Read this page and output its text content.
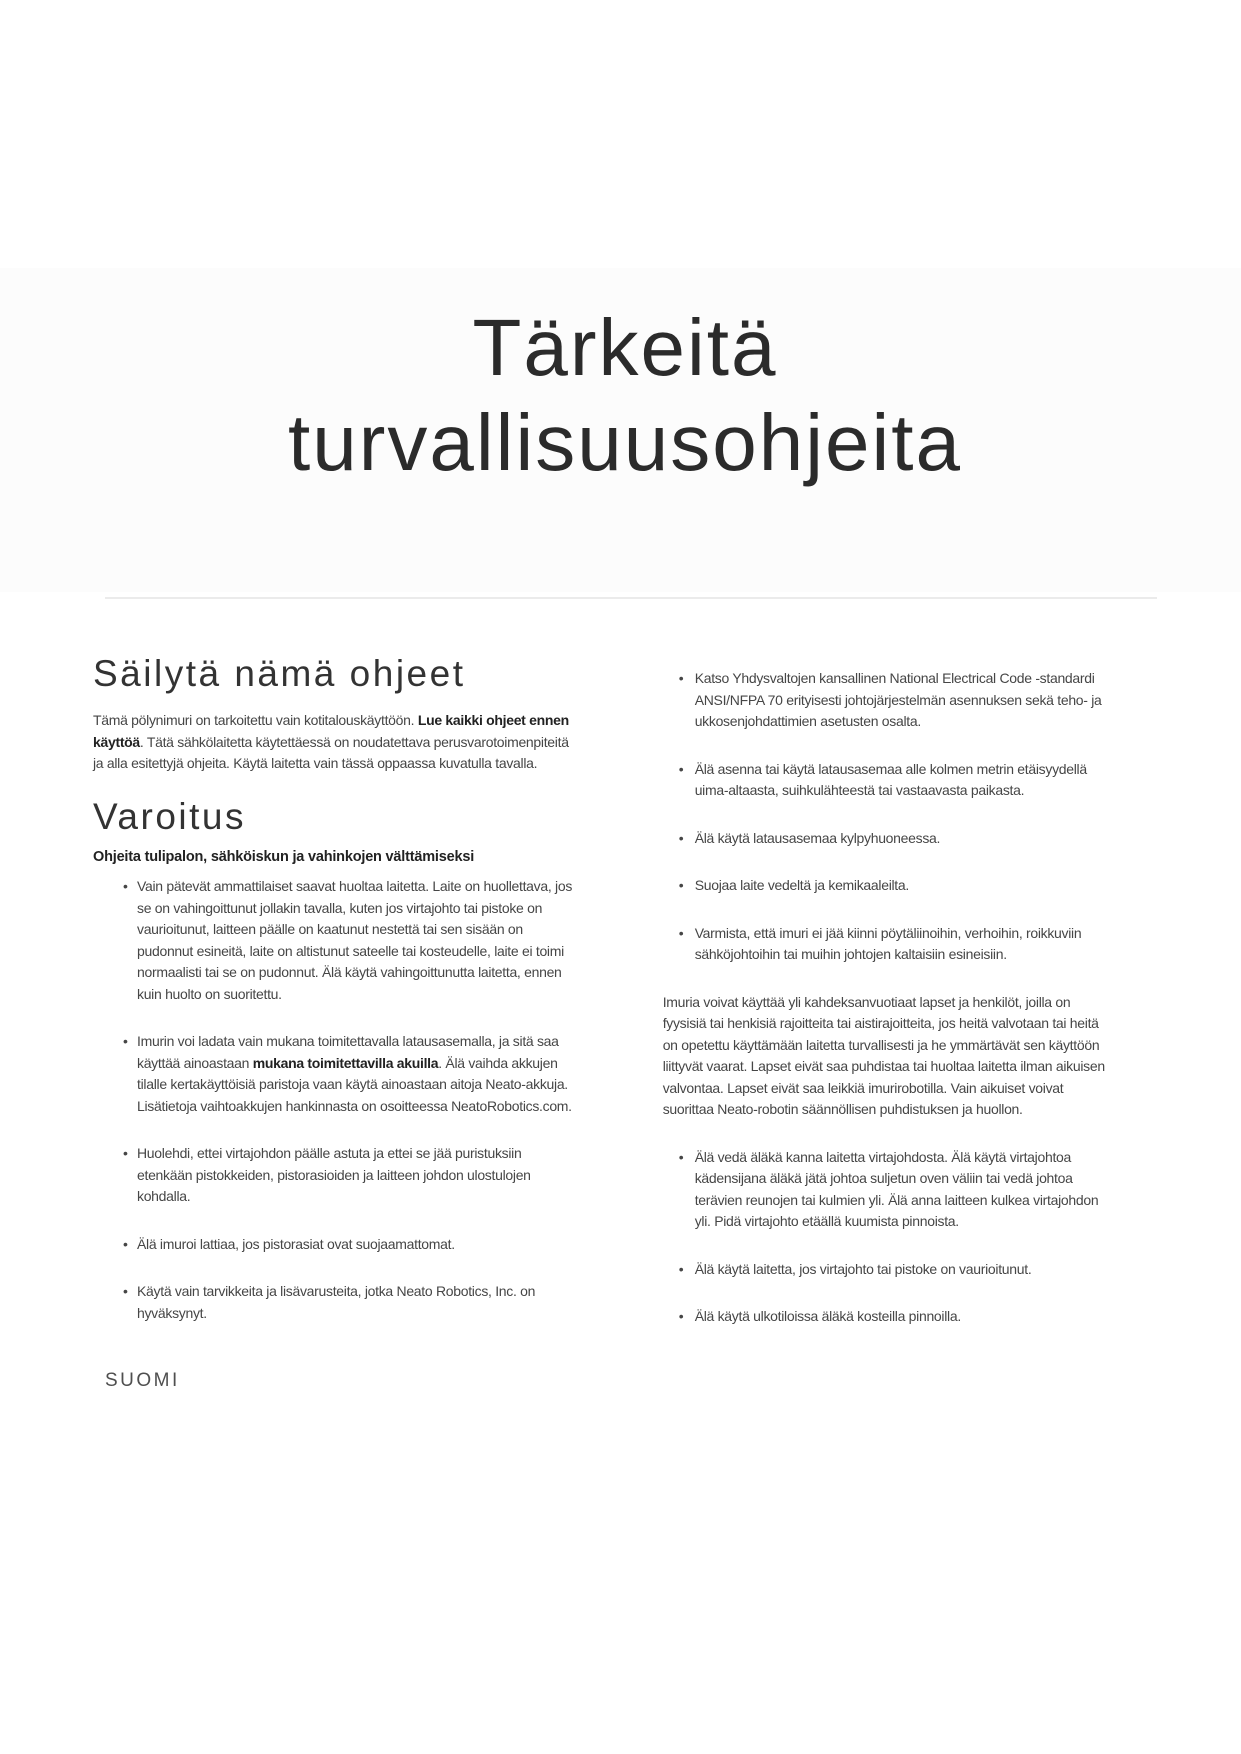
Tärkeitä
turvallisuusohjeita
Säilytä nämä ohjeet

Tämä pölynimuri on tarkoitettu vain kotitalouskäyttöön. Lue kaikki ohjeet ennen käyttöä. Tätä sähkölaitetta käytettäessä on noudatettava perusvarotoimenpiteitä ja alla esitettyjä ohjeita. Käytä laitetta vain tässä oppaassa kuvatulla tavalla.

Varoitus

Ohjeita tulipalon, sähköiskun ja vahinkojen välttämiseksi

• Vain pätevät ammattilaiset saavat huoltaa laitetta. Laite on huollettava, jos se on vahingoittunut jollakin tavalla, kuten jos virtajohto tai pistoke on vaurioitunut, laitteen päälle on kaatunut nestettä tai sen sisään on pudonnut esineitä, laite on altistunut sateelle tai kosteudelle, laite ei toimi normaalisti tai se on pudonnut. Älä käytä vahingoittunutta laitetta, ennen kuin huolto on suoritettu.
• Imurin voi ladata vain mukana toimitettavalla latausasemalla, ja sitä saa käyttää ainoastaan mukana toimitettavilla akuilla. Älä vaihda akkujen tilalle kertakäyttöisiä paristoja vaan käytä ainoastaan aitoja Neato-akkuja. Lisätietoja vaihtoakkujen hankinnasta on osoitteessa NeatoRobotics.com.
• Huolehdi, ettei virtajohdon päälle astuta ja ettei se jää puristuksiin etenkään pistokkeiden, pistorasioiden ja laitteen johdon ulostulojen kohdalla.
• Älä imuroi lattiaa, jos pistorasiat ovat suojaamattomat.
• Käytä vain tarvikkeita ja lisävarusteita, jotka Neato Robotics, Inc. on hyväksynyt.
• Katso Yhdysvaltojen kansallinen National Electrical Code -standardi ANSI/NFPA 70 erityisesti johtojärjestelmän asennuksen sekä teho- ja ukkosenjohdattimien asetusten osalta.
• Älä asenna tai käytä latausasemaa alle kolmen metrin etäisyydellä uima-altaasta, suihkulähteestä tai vastaavasta paikasta.
• Älä käytä latausasemaa kylpyhuoneessa.
• Suojaa laite vedeltä ja kemikaaleilta.
• Varmista, että imuri ei jää kiinni pöytäliinoihin, verhoihin, roikkuviin sähköjohtoihin tai muihin johtojen kaltaisiin esineisiin.

Imuria voivat käyttää yli kahdeksanvuotiaat lapset ja henkilöt, joilla on fyysisiä tai henkisiä rajoitteita tai aistirajoitteita, jos heitä valvotaan tai heitä on opetettu käyttämään laitetta turvallisesti ja he ymmärtävät sen käyttöön liittyvät vaarat. Lapset eivät saa puhdistaa tai huoltaa laitetta ilman aikuisen valvontaa. Lapset eivät saa leikkiä imurirobotilla. Vain aikuiset voivat suorittaa Neato-robotin säännöllisen puhdistuksen ja huollon.

• Älä vedä äläkä kanna laitetta virtajohdosta. Älä käytä virtajohtoa kädensijana äläkä jätä johtoa suljetun oven väliin tai vedä johtoa terävien reunojen tai kulmien yli. Älä anna laitteen kulkea virtajohdon yli. Pidä virtajohto etäällä kuumista pinnoista.
• Älä käytä laitetta, jos virtajohto tai pistoke on vaurioitunut.
• Älä käytä ulkotiloissa äläkä kosteilla pinnoilla.
SUOMI
